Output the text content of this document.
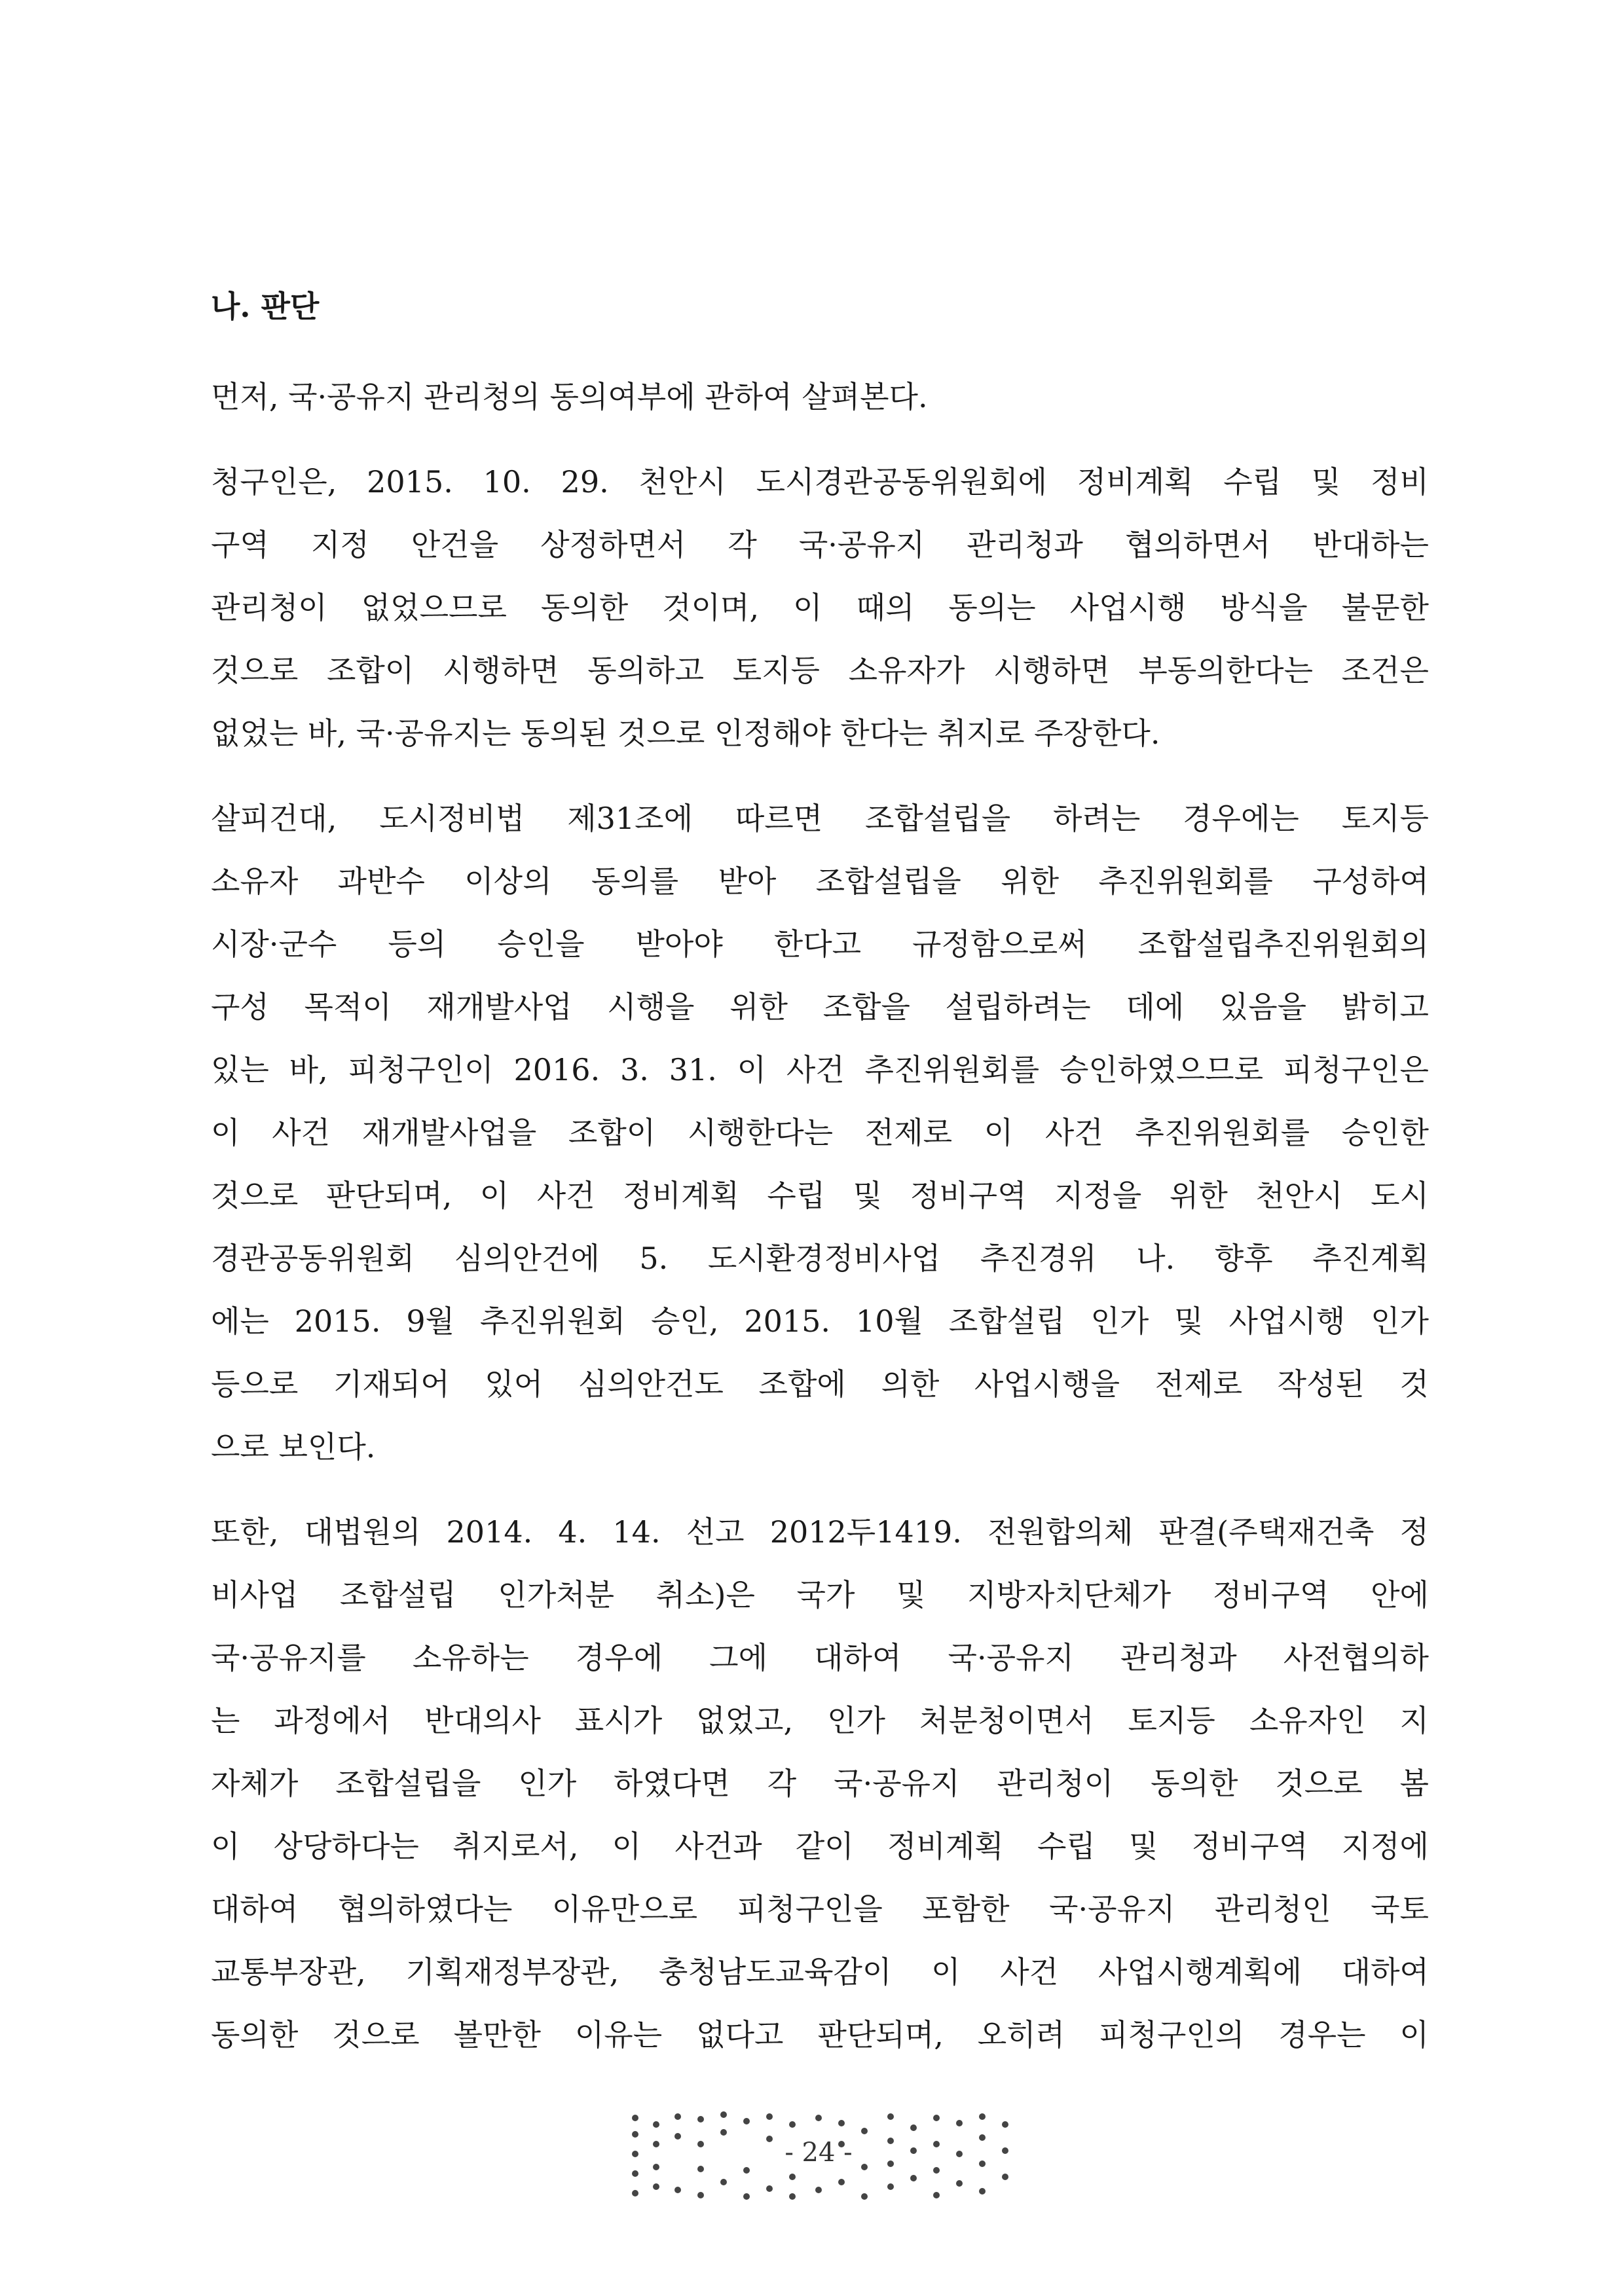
나. 판단
먼저, 국·공유지 관리청의 동의여부에 관하여 살펴본다.
청구인은, 2015. 10. 29. 천안시 도시경관공동위원회에 정비계획 수립 및 정비
구역 지정 안건을 상정하면서 각 국·공유지 관리청과 협의하면서 반대하는
관리청이 없었으므로 동의한 것이며, 이 때의 동의는 사업시행 방식을 불문한
것으로 조합이 시행하면 동의하고 토지등 소유자가 시행하면 부동의한다는 조건은
없었는 바, 국·공유지는 동의된 것으로 인정해야 한다는 취지로 주장한다.
살피건대, 도시정비법 제31조에 따르면 조합설립을 하려는 경우에는 토지등
소유자 과반수 이상의 동의를 받아 조합설립을 위한 추진위원회를 구성하여
시장·군수 등의 승인을 받아야 한다고 규정함으로써 조합설립추진위원회의
구성 목적이 재개발사업 시행을 위한 조합을 설립하려는 데에 있음을 밝히고
있는 바, 피청구인이 2016. 3. 31. 이 사건 추진위원회를 승인하였으므로 피청구인은
이 사건 재개발사업을 조합이 시행한다는 전제로 이 사건 추진위원회를 승인한
것으로 판단되며, 이 사건 정비계획 수립 및 정비구역 지정을 위한 천안시 도시
경관공동위원회 심의안건에 5. 도시환경정비사업 추진경위 나. 향후 추진계획
에는 2015. 9월 추진위원회 승인, 2015. 10월 조합설립 인가 및 사업시행 인가
등으로 기재되어 있어 심의안건도 조합에 의한 사업시행을 전제로 작성된 것
으로 보인다.
또한, 대법원의 2014. 4. 14. 선고 2012두1419. 전원합의체 판결(주택재건축 정
비사업 조합설립 인가처분 취소)은 국가 및 지방자치단체가 정비구역 안에
국·공유지를 소유하는 경우에 그에 대하여 국·공유지 관리청과 사전협의하
는 과정에서 반대의사 표시가 없었고, 인가 처분청이면서 토지등 소유자인 지
자체가 조합설립을 인가 하였다면 각 국·공유지 관리청이 동의한 것으로 봄
이 상당하다는 취지로서, 이 사건과 같이 정비계획 수립 및 정비구역 지정에
대하여 협의하였다는 이유만으로 피청구인을 포함한 국·공유지 관리청인 국토
교통부장관, 기획재정부장관, 충청남도교육감이 이 사건 사업시행계획에 대하여
동의한 것으로 볼만한 이유는 없다고 판단되며, 오히려 피청구인의 경우는 이
- 24 -
